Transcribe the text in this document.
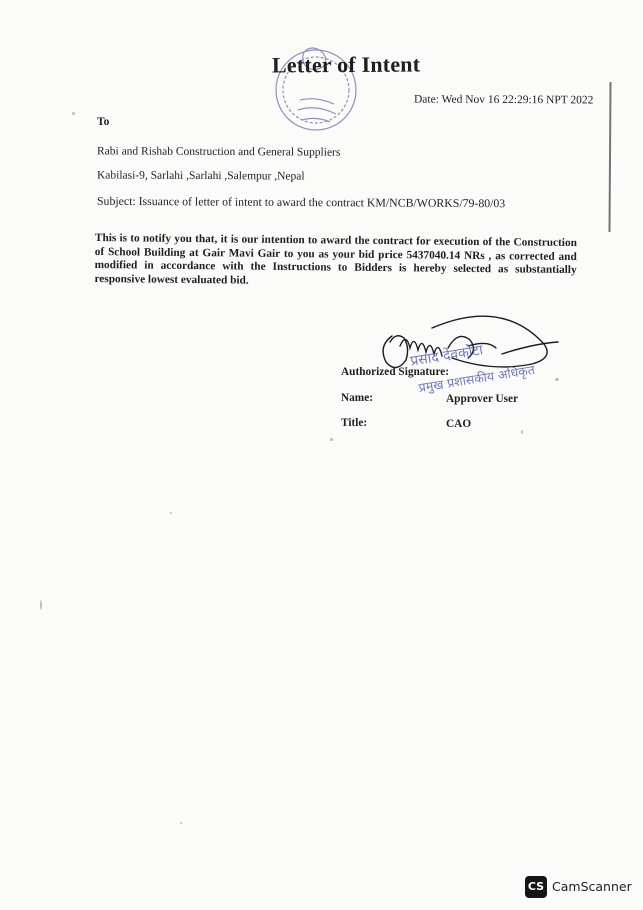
Letter of Intent
Date: Wed Nov 16 22:29:16 NPT 2022
To
Rabi and Rishab Construction and General Suppliers
Kabilasi-9, Sarlahi ,Sarlahi ,Salempur ,Nepal
Subject: Issuance of letter of intent to award the contract KM/NCB/WORKS/79-80/03
This is to notify you that, it is our intention to award the contract for execution of the Construction of School Building at Gair Mavi Gair to you as your bid price 5437040.14 NRs , as corrected and modified in accordance with the Instructions to Bidders is hereby selected as substantially responsive lowest evaluated bid.
प्रसाद देवकोटा
प्रमुख प्रशासकीय अधिकृत
Authorized Signature:
Name:	Approver User
Title:	CAO
CS CamScanner
